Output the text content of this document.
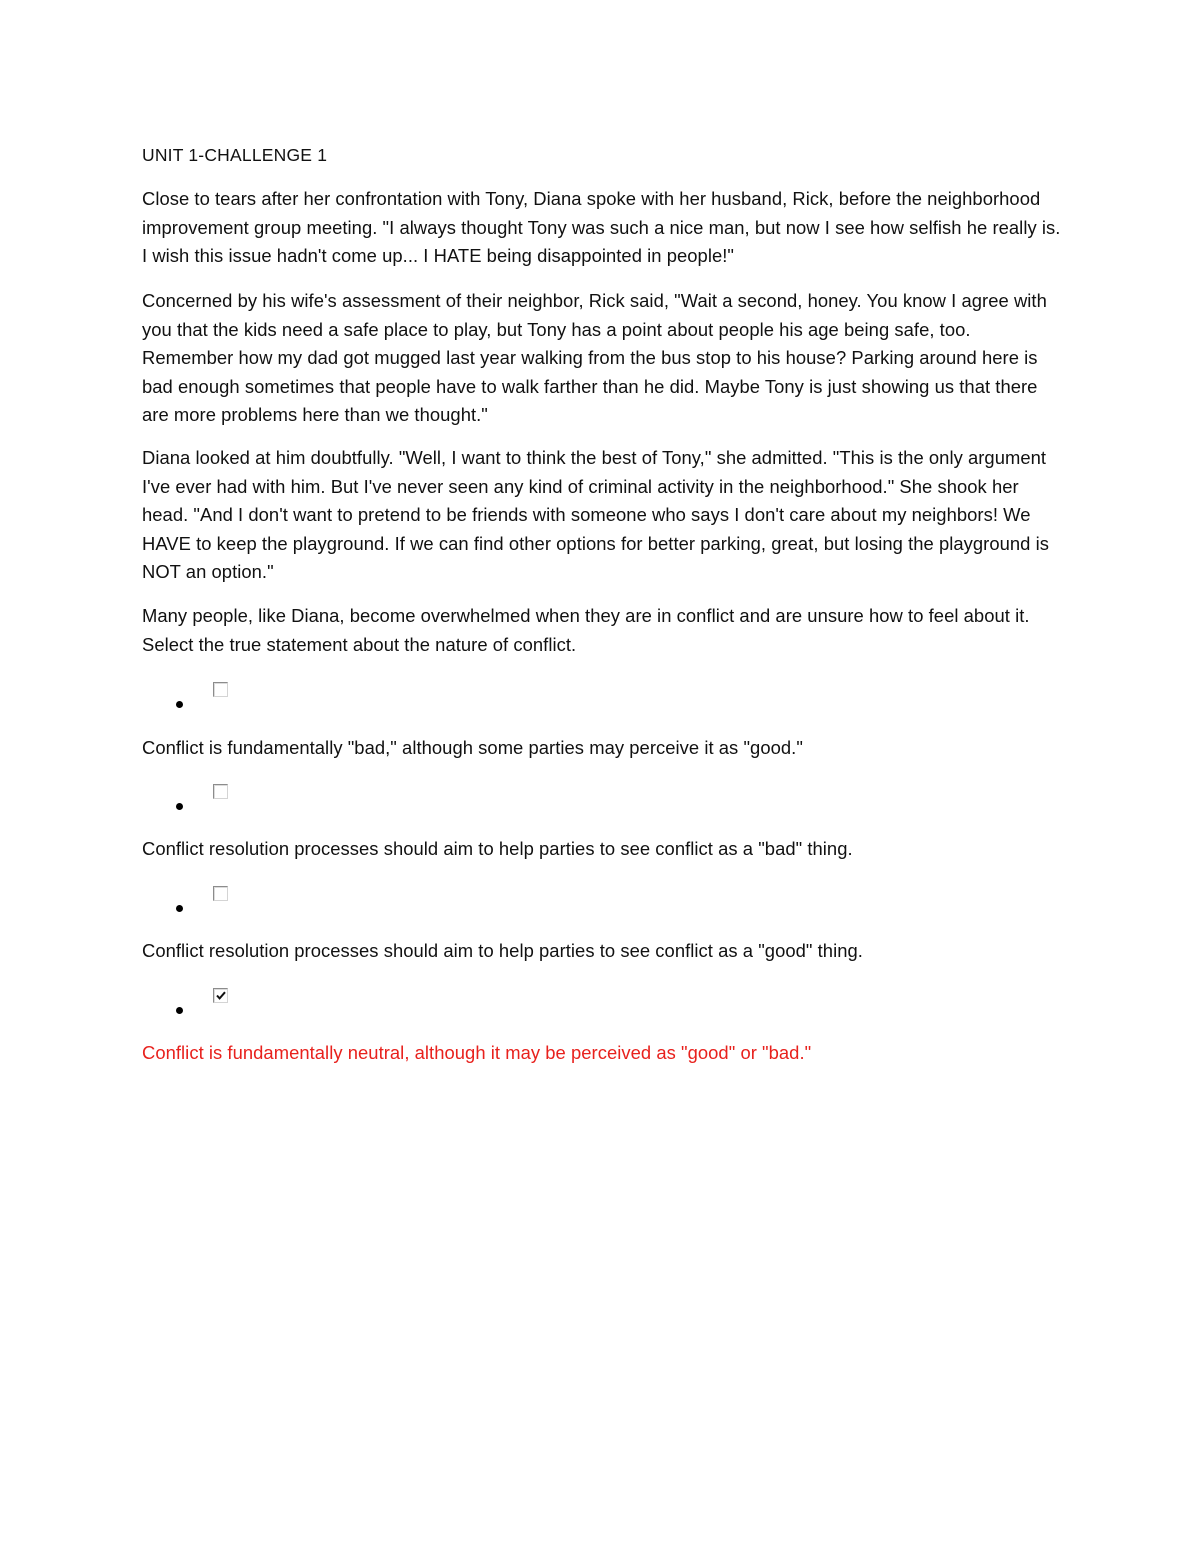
UNIT 1-CHALLENGE 1

Close to tears after her confrontation with Tony, Diana spoke with her husband, Rick, before the neighborhood improvement group meeting. "I always thought Tony was such a nice man, but now I see how selfish he really is. I wish this issue hadn't come up... I HATE being disappointed in people!"

Concerned by his wife's assessment of their neighbor, Rick said, "Wait a second, honey. You know I agree with you that the kids need a safe place to play, but Tony has a point about people his age being safe, too. Remember how my dad got mugged last year walking from the bus stop to his house? Parking around here is bad enough sometimes that people have to walk farther than he did. Maybe Tony is just showing us that there are more problems here than we thought."

Diana looked at him doubtfully. "Well, I want to think the best of Tony," she admitted. "This is the only argument I've ever had with him. But I've never seen any kind of criminal activity in the neighborhood." She shook her head. "And I don't want to pretend to be friends with someone who says I don't care about my neighbors! We HAVE to keep the playground. If we can find other options for better parking, great, but losing the playground is NOT an option."

Many people, like Diana, become overwhelmed when they are in conflict and are unsure how to feel about it. Select the true statement about the nature of conflict.

Conflict is fundamentally "bad," although some parties may perceive it as "good."

Conflict resolution processes should aim to help parties to see conflict as a "bad" thing.

Conflict resolution processes should aim to help parties to see conflict as a "good" thing.

Conflict is fundamentally neutral, although it may be perceived as "good" or "bad."
